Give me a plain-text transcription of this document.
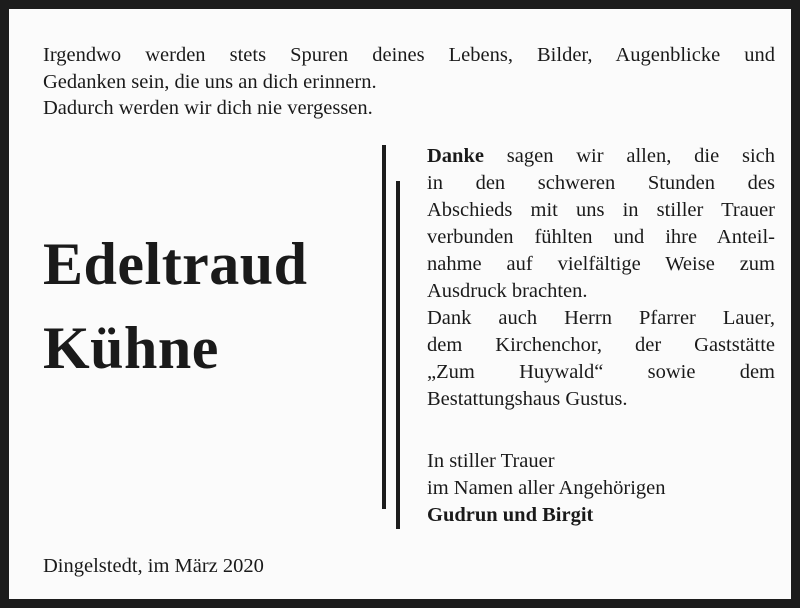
Irgendwo werden stets Spuren deines Lebens, Bilder, Augenblicke und
Gedanken sein, die uns an dich erinnern.
Dadurch werden wir dich nie vergessen.
Edeltraud
Kühne
Danke sagen wir allen, die sich
in den schweren Stunden des
Abschieds mit uns in stiller Trauer
verbunden fühlten und ihre Anteil-
nahme auf vielfältige Weise zum
Ausdruck brachten.
Dank auch Herrn Pfarrer Lauer,
dem Kirchenchor, der Gaststätte
„Zum Huywald“ sowie dem
Bestattungshaus Gustus.
In stiller Trauer
im Namen aller Angehörigen
Gudrun und Birgit
Dingelstedt, im März 2020
